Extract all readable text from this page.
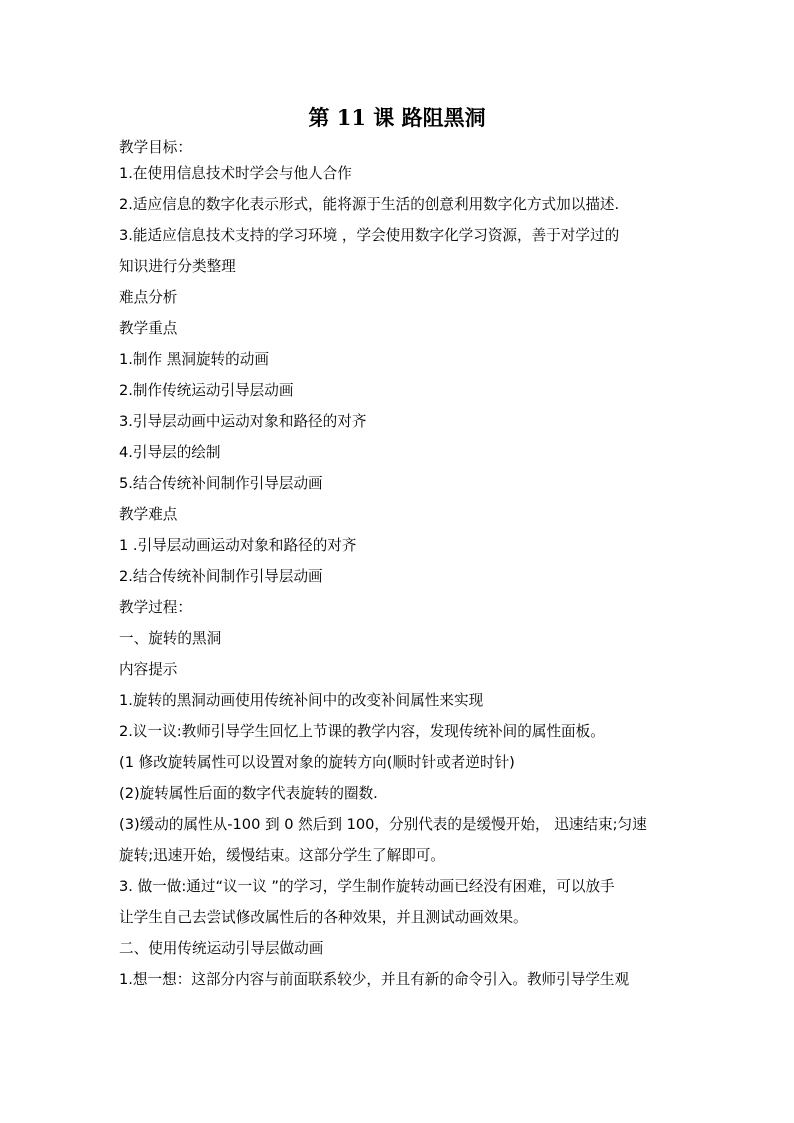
第 11 课 路阻黑洞
教学目标：
1.在使用信息技术时学会与他人合作
2.适应信息的数字化表示形式，能将源于生活的创意利用数字化方式加以描述.
3.能适应信息技术支持的学习环境 ，学会使用数字化学习资源，善于对学过的
知识进行分类整理
难点分析
教学重点
1.制作 黑洞旋转的动画
2.制作传统运动引导层动画
3.引导层动画中运动对象和路径的对齐
4.引导层的绘制
5.结合传统补间制作引导层动画
教学难点
1 .引导层动画运动对象和路径的对齐
2.结合传统补间制作引导层动画
教学过程：
一、旋转的黑洞
内容提示
1.旋转的黑洞动画使用传统补间中的改变补间属性来实现
2.议一议:教师引导学生回忆上节课的教学内容，发现传统补间的属性面板。
(1 修改旋转属性可以设置对象的旋转方向(顺时针或者逆时针)
(2)旋转属性后面的数字代表旋转的圈数.
(3)缓动的属性从-100 到 0 然后到 100，分别代表的是缓慢开始， 迅速结束;匀速
旋转;迅速开始，缓慢结束。这部分学生了解即可。
3. 做一做:通过“议一议 ”的学习，学生制作旋转动画已经没有困难，可以放手
让学生自己去尝试修改属性后的各种效果，并且测试动画效果。
二、使用传统运动引导层做动画
1.想一想：这部分内容与前面联系较少，并且有新的命令引入。教师引导学生观
